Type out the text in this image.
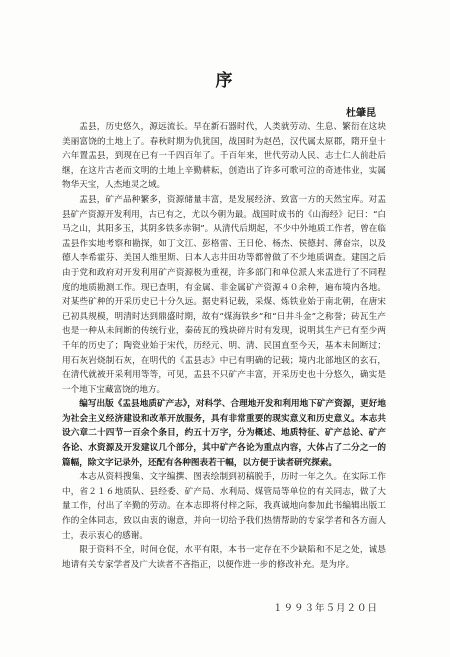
序
杜肇昆

盂县，历史悠久，源远流长。早在新石器时代，人类就劳动、生息、繁衍在这块美丽富饶的土地上了。春秋时期为仇犹国，战国时为赵邑，汉代属太原郡，隋开皇十六年置盂县，到现在已有一千四百年了。千百年来，世代劳动人民、志士仁人前赴后继，在这片古老而文明的土地上辛勤耕耘，创造出了许多可歌可泣的奇迹伟业，实属物华天宝，人杰地灵之域。

盂县，矿产品种繁多，资源储量丰富，是发展经济、致富一方的天然宝库。对盂县矿产资源开发利用，古已有之，尤以今朝为最。战国时成书的《山海经》记曰：“白马之山，其阳多玉，其阴多铁多赤铜”。从清代后期起，不少中外地质工作者，曾在临盂县作实地考察和勘探，如丁文江、彭格雷、王日伦、杨杰、侯德封、薄奋宗，以及德人李希霍芬、美国人维里斯、日本人志井田功等都曾做了不少地质调查。建国之后由于党和政府对开发利用矿产资源极为重视，许多部门和单位派人来盂进行了不同程度的地质勘测工作。现已查明，有金属、非金属矿产资源４０余种，遍布境内各地。对某些矿种的开采历史已十分久远。据史料记载，采煤、炼铁业始于南北朝，在唐宋已初具规模，明清时达到鼎盛时期，故有“煤海铁乡”和“日井斗金”之称誉；砖瓦生产也是一种从未间断的传统行业，秦砖瓦的残块碎片时有发现，说明其生产已有至少两千年的历史了；陶瓷业始于宋代，历经元、明、清、民国直至今天，基本未间断过；用石灰岩烧制石灰，在明代的《盂县志》中已有明确的记载；境内北部地区的玄石，在清代就被开采利用等等，可见，盂县不只矿产丰富，开采历史也十分悠久，确实是一个地下宝藏富饶的地方。

编写出版《盂县地质矿产志》，对科学、合理地开发和利用地下矿产资源，更好地为社会主义经济建设和改革开放服务，具有非常重要的现实意义和历史意义。本志共设六章二十四节一百余个条目，约五十万字，分为概述、地质特征、矿产总论、矿产各论、水资源及开发建议几个部分，其中矿产各论为重点内容，大体占了二分之一的篇幅，除文字记录外，还配有各种图表若干幅，以方便于读者研究探索。

本志从资料搜集、文字编撰、图表绘制到初稿脱手，历时一年之久。在实际工作中，省２１６地质队、县经委、矿产局、水利局、煤管局等单位的有关同志，做了大量工作，付出了辛勤的劳动。在本志即将付梓之际，我真诚地向参加此书编辑出版工作的全体同志，致以由衷的谢意，并向一切给予我们热情帮助的专家学者和各方面人士，表示衷心的感谢。

限于资料不全，时间仓促，水平有限，本书一定存在不少缺陷和不足之处，诚恳地请有关专家学者及广大读者不吝指正，以便作进一步的修改补充。是为序。

１９９３年５月２０日
